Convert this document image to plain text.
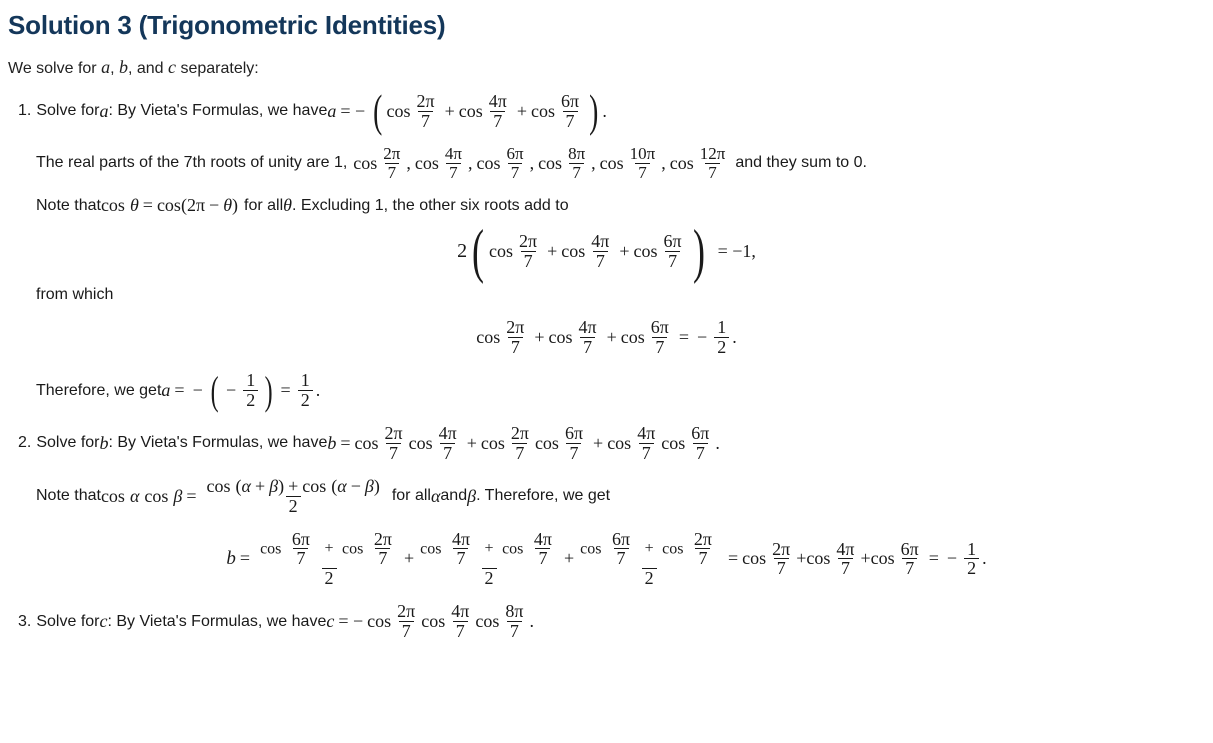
Solution 3 (Trigonometric Identities)
We solve for a, b, and c separately:
1. Solve for a : By Vieta's Formulas, we have a = − ( $\cos \frac{2\pi}{7} + \cos \frac{4\pi}{7} + \cos \frac{6\pi}{7}$ ) .
The real parts of the 7th roots of unity are 1, $\cos \frac{2\pi}{7}$ , $\cos \frac{4\pi}{7}$ , $\cos \frac{6\pi}{7}$ , $\cos \frac{8\pi}{7}$ , $\cos \frac{10\pi}{7}$ , $\cos \frac{12\pi}{7}$ and they sum to 0.
Note that cos θ = cos ( 2π − θ ) for all θ . Excluding 1, the other six roots add to
2 ( $\cos \frac{2\pi}{7} + \cos \frac{4\pi}{7} + \cos \frac{6\pi}{7}$ ) = −1,
from which
$\cos \frac{2\pi}{7} + \cos \frac{4\pi}{7} + \cos \frac{6\pi}{7}$ = − $\frac{1}{2}$ .
Therefore, we get a = − ( − $\frac{1}{2}$ ) = $\frac{1}{2}$ .
2. Solve for b : By Vieta's Formulas, we have $b = \cos \frac{2\pi}{7}$ $\cos \frac{4\pi}{7} + \cos \frac{2\pi}{7}$ $\cos \frac{6\pi}{7} + \cos \frac{4\pi}{7}$ $\cos \frac{6\pi}{7}$ .
Note that cos α $\cos \beta = \frac{\cos (\alpha + \beta) + \cos (\alpha - \beta)}{2}$ for all α and β . Therefore, we get
$b = \frac{\cos \frac{6\pi}{7} + \cos \frac{2\pi}{7}}{2} + \frac{\cos \frac{4\pi}{7} + \cos \frac{4\pi}{7}}{2} + \frac{\cos \frac{6\pi}{7} + \cos \frac{2\pi}{7}}{2} = \cos \frac{2\pi}{7} + \cos \frac{4\pi}{7} + \cos \frac{6\pi}{7}$ = − $\frac{1}{2}$ .
3. Solve for c : By Vieta's Formulas, we have c = − $\cos \frac{2\pi}{7}$ $\cos \frac{4\pi}{7}$ $\cos \frac{8\pi}{7}$ .
